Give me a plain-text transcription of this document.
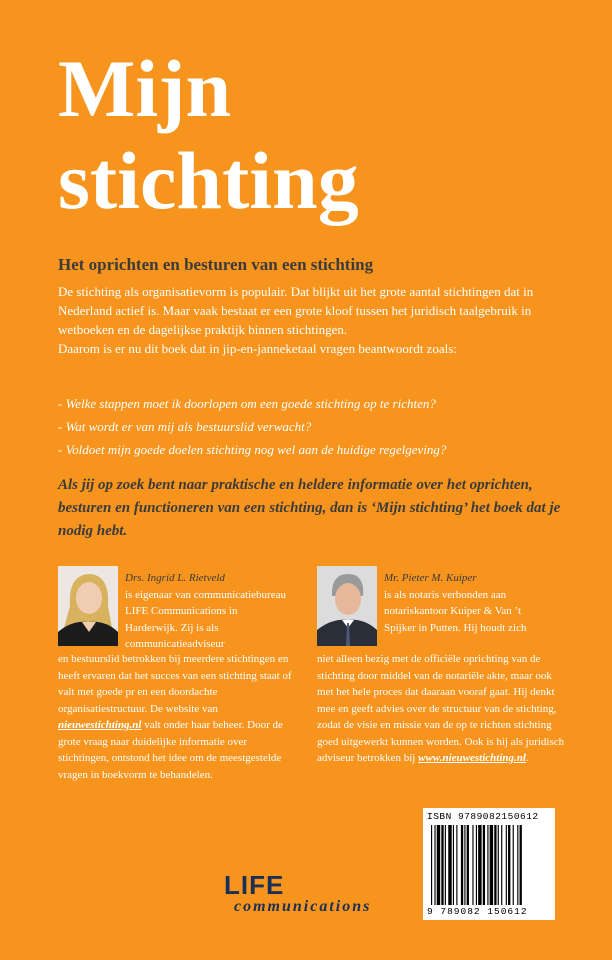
Mijn
stichting
Het oprichten en besturen van een stichting

De stichting als organisatievorm is populair. Dat blijkt uit het grote aantal stichtingen dat in Nederland actief is. Maar vaak bestaat er een grote kloof tussen het juridisch taalgebruik in wetboeken en de dagelijkse praktijk binnen stichtingen.

Daarom is er nu dit boek dat in jip-en-janneketaal vragen beantwoordt zoals:

- Welke stappen moet ik doorlopen om een goede stichting op te richten?
- Wat wordt er van mij als bestuurslid verwacht?
- Voldoet mijn goede doelen stichting nog wel aan de huidige regelgeving?
Als jij op zoek bent naar praktische en heldere informatie over het oprichten, besturen en functioneren van een stichting, dan is ‘Mijn stichting’ het boek dat je nodig hebt.
Drs. Ingrid L. Rietveld
is eigenaar van communicatiebureau LIFE Communications in Harderwijk. Zij is als communicatieadviseur
en bestuurslid betrokken bij meerdere stichtingen en heeft ervaren dat het succes van een stichting staat of valt met goede pr en een doordachte organisatiestructuur. De website van nieuwestichting.nl valt onder haar beheer. Door de grote vraag naar duidelijke informatie over stichtingen, ontstond het idee om de meestgestelde vragen in boekvorm te behandelen.
Mr. Pieter M. Kuiper
is als notaris verbonden aan notariskantoor Kuiper & Van ’t Spijker in Putten. Hij houdt zich
niet alleen bezig met de officiële oprichting van de stichting door middel van de notariële akte, maar ook met het hele proces dat daaraan vooraf gaat. Hij denkt mee en geeft advies over de structuur van de stichting, zodat de visie en missie van de op te richten stichting goed uitgewerkt kunnen worden. Ook is hij als juridisch adviseur betrokken bij www.nieuwestichting.nl.
LIFE
communications
ISBN 9789082150612
9 789082 150612
